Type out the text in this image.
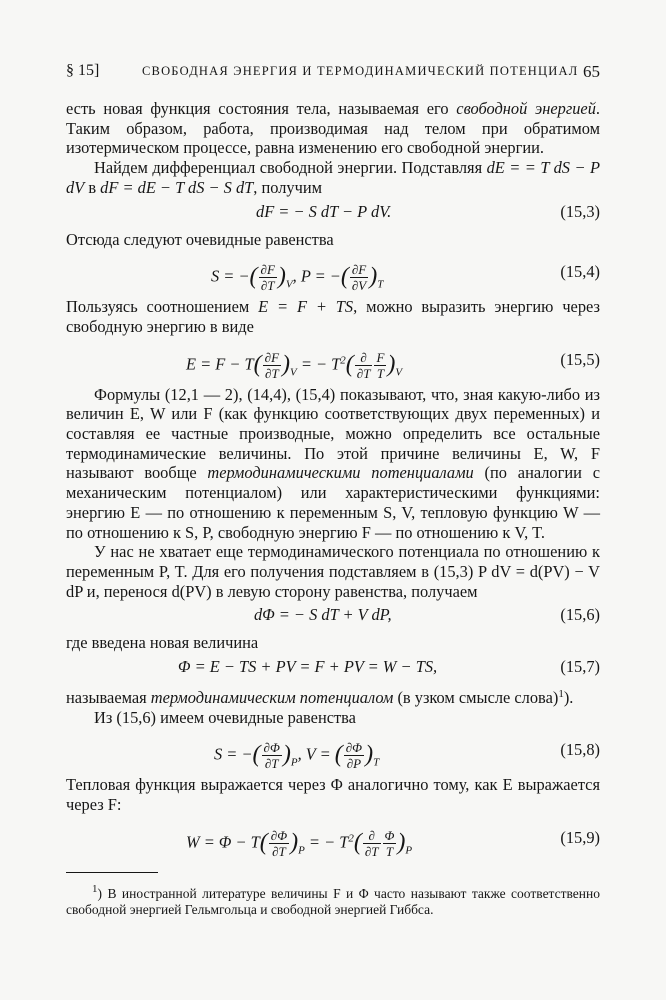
§ 15]	СВОБОДНАЯ ЭНЕРГИЯ И ТЕРМОДИНАМИЧЕСКИЙ ПОТЕНЦИАЛ 65

есть новая функция состояния тела, называемая его свободной энергией. Таким образом, работа, производимая над телом при обратимом изотермическом процессе, равна изменению его свободной энергии.

Найдем дифференциал свободной энергии. Подставляя dE = = T dS − P dV в dF = dE − T dS − S dT, получим

dF = − S dT − P dV.	(15,3)

Отсюда следуют очевидные равенства

S = −( $\frac{\partial F}{\partial T} )_V$, P = −( $\frac{\partial F}{\partial V} )_T$
(15,4)

Пользуясь соотношением E = F + TS, можно выразить энергию через свободную энергию в виде

$E = F - T( \frac{\partial F}{\partial T} )_V$ = − $T^2( \frac{\partial}{\partial T} \frac{F}{T} )_V$
(15,5)

Формулы (12,1 — 2), (14,4), (15,4) показывают, что, зная какую-либо из величин E, W или F (как функцию соответствующих двух переменных) и составляя ее частные производные, можно определить все остальные термодинамические величины. По этой причине величины E, W, F называют вообще термодинамическими потенциалами (по аналогии с механическим потенциалом) или характеристическими функциями: энергию E — по отношению к переменным S, V, тепловую функцию W — по отношению к S, P, свободную энергию F — по отношению к V, T.

У нас не хватает еще термодинамического потенциала по отношению к переменным P, T. Для его получения подставляем в (15,3) P dV = d(PV) − V dP и, перенося d(PV) в левую сторону равенства, получаем

dΦ = − S dT + V dP,	(15,6)

где введена новая величина

Φ = E − TS + PV = F + PV = W − TS,	(15,7)

называемая термодинамическим потенциалом (в узком смысле слова)$^1$).

Из (15,6) имеем очевидные равенства

S = −( $\frac{\partial\Phi}{\partial T} )_P$, V = ( $\frac{\partial\Phi}{\partial P} )_T$
(15,8)

Тепловая функция выражается через Φ аналогично тому, как E выражается через F:

$W = \Phi - T( \frac{\partial\Phi}{\partial T} )_P$ = − $T^2( \frac{\partial}{\partial T} \frac{\Phi}{T} )_P$
(15,9)

$^1$) В иностранной литературе величины F и Φ часто называют также соответственно свободной энергией Гельмгольца и свободной энергией Гиббса.
